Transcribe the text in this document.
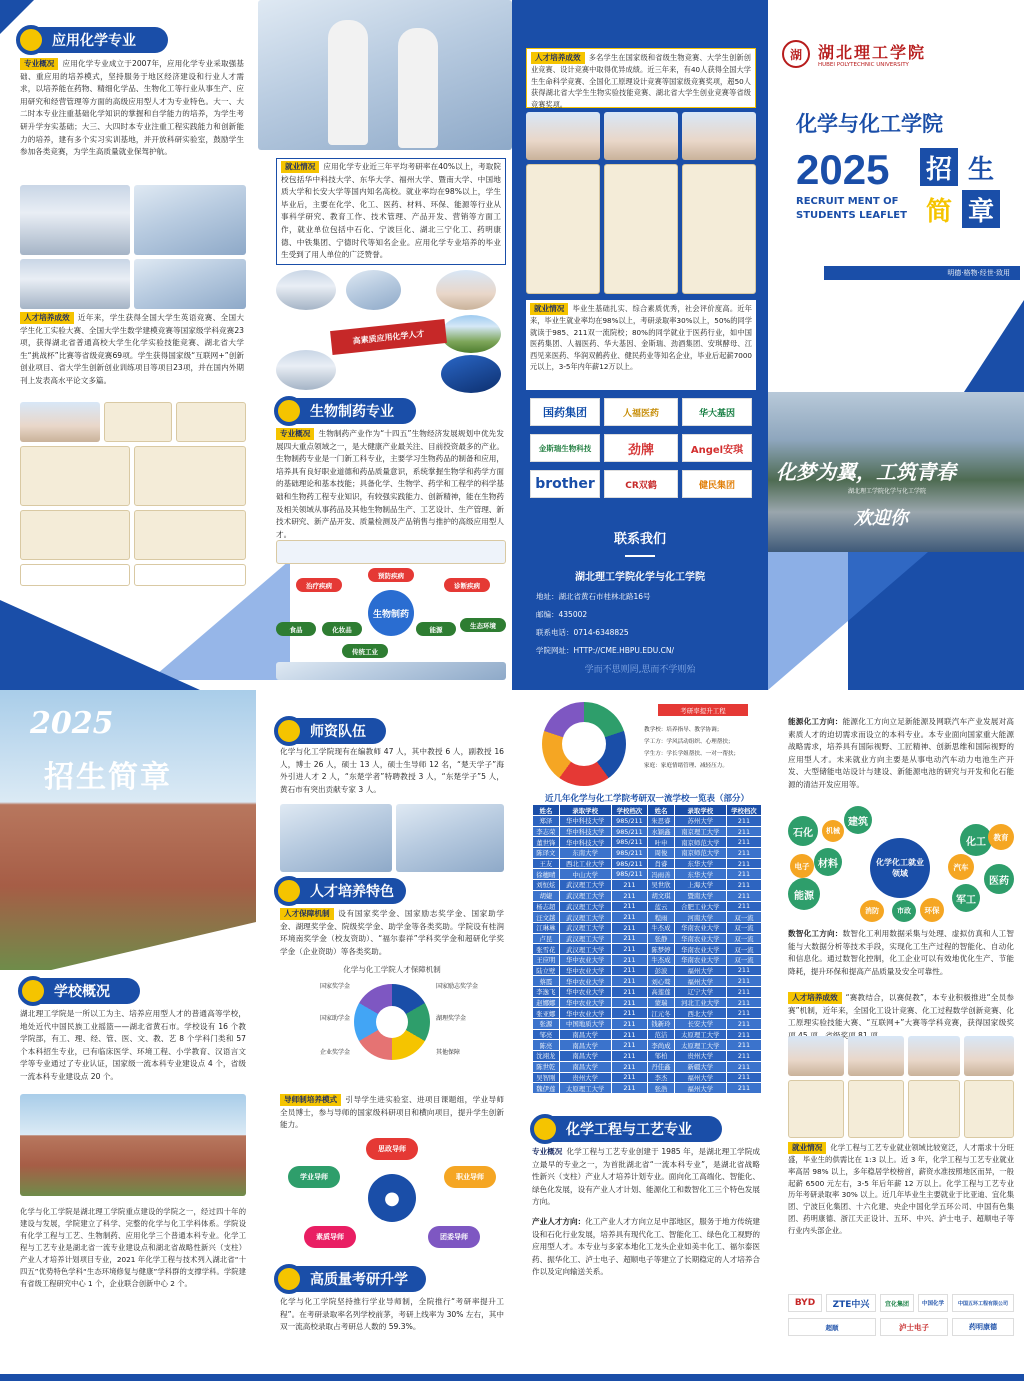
应用化学专业

专业概况 应用化学专业成立于2007年，应用化学专业采取强基础、重应用的培养模式，坚持服务于地区经济建设和行业人才需求，以培养能在药物、精细化学品、生物化工等行业从事生产、应用研究和经营管理等方面的高级应用型人才为专业特色。大一、大二时本专业注重基础化学知识的掌握和自学能力的培养，为学生考研升学夯实基础；大三、大四时本专业注重工程实践能力和创新能力的培养，建有多个实习实训基地，并开放科研实验室，鼓励学生参加各类竞赛，为学生高质量就业保驾护航。

人才培养成效 近年来，学生获得全国大学生英语竞赛、全国大学生化工实验大赛、全国大学生数学建模竞赛等国家级学科竞赛23项，获得湖北省普通高校大学生化学实验技能竞赛、湖北省大学生“挑战杯”比赛等省级竞赛69项。学生获得国家级“互联网+”创新创业项目、省大学生创新创业训练项目等项目23项，并在国内外期刊上发表高水平论文多篇。

就业情况 应用化学专业近三年平均考研率在40%以上，考取院校包括华中科技大学、东华大学、福州大学、暨南大学、中国地质大学和长安大学等国内知名高校。就业率均在98%以上，学生毕业后，主要在化学、化工、医药、材料、环保、能源等行业从事科学研究、教育工作、技术管理、产品开发、营销等方面工作，就业单位包括中石化、宁波巨化、湖北三宁化工、药明康德、中铁集团、宁德时代等知名企业。应用化学专业培养的毕业生受到了用人单位的广泛赞誉。

高素质应用化学人才
生物制药专业

专业概况 生物制药产业作为“十四五”生物经济发展规划中优先发展四大重点领域之一，是大健康产业最关注、目前投资最多的产业。生物制药专业是一门新工科专业，主要学习生物药品的制备和应用，培养具有良好职业道德和药品质量意识，系统掌握生物学和药学方面的基础理论和基本技能；具备化学、生物学、药学和工程学的科学基础和生物药工程专业知识，有较强实践能力、创新精神，能在生物药及相关领域从事药品及其他生物制品生产、工艺设计、生产管理、新技术研究、新产品开发、质量检测及产品销售与推护的高级应用型人才。

生物制药
预防疾病
治疗疾病	诊断疾病
食品	化妆品
传统工业
能源	生态环境

人才培养成效 多名学生在国家级和省级生物竞赛、大学生创新创业竞赛、设计竞赛中取得优异成绩。近三年来，有40人获得全国大学生生命科学竞赛、全国化工原理设计竞赛等国家级竞赛奖项，超50人获得湖北省大学生生物实验技能竞赛、湖北省大学生创业竞赛等省级竞赛奖项。

就业情况 毕业生基础扎实、综合素质优秀，社会评价度高。近年来，毕业生就业率均在98%以上，考研录取率30%以上，50%的同学就读于985、211双一流院校；80%的同学就业于医药行业，如中国医药集团、人福医药、华大基因、金斯瑞、劲酒集团、安琪酵母、江西见来医药、华润双鹤药业、健民药业等知名企业，毕业后起薪7000元以上，3-5年内年薪12万以上。

国药集团	人福医药	华大基因
金斯瑞生物科技	劲牌	Angel安琪
brother	CR双鹤	健民集团
联系我们
湖北理工学院化学与化工学院
地址：湖北省黄石市桂林北路16号
邮编：435002
联系电话：0714-6348825
学院网址：HTTP://CME.HBPU.EDU.CN/
学而不思则罔,思而不学则殆
湖	湖北理工学院
HUBEI POLYTECHNIC UNIVERSITY
化学与化工学院
2025 招 生
简 章
RECRUIT MENT OF
STUDENTS LEAFLET
明德·格物·经世·致用
化梦为翼，工筑青春
湖北理工学院化学与化工学院
欢迎你
2025
招生简章
学校概况

湖北理工学院是一所以工为主、培养应用型人才的普通高等学校，地处近代中国民族工业摇篮——湖北省黄石市。学校设有 16 个教学院部，有工、理、经、管、医、文、教、艺 8 个学科门类和 57 个本科招生专业，已有临床医学、环境工程、小学教育、汉语言文学等专业通过了专业认证，国家级一流本科专业建设点 4 个，省级一流本科专业建设点 20 个。

化学与化工学院是湖北理工学院重点建设的学院之一，经过四十年的建设与发展，学院建立了科学、完整的化学与化工学科体系。学院设有化学工程与工艺、生物制药、应用化学三个普通本科专业。化学工程与工艺专业是湖北省一流专业建设点和湖北省战略性新兴（支柱）产业人才培养计划项目专业，2021 年化学工程与技术列入湖北省“十四五”优势特色学科“生态环境修复与健康”学科群的支撑学科。学院建有省级工程研究中心 1 个，企业联合创新中心 2 个。

师资队伍

化学与化工学院现有在编教师 47 人，其中教授 6 人，副教授 16 人，博士 26 人，硕士 13 人，硕士生导师 12 名，“楚天学子”海外引进人才 2 人，“东楚学者”特聘教授 3 人，“东楚学子”5 人，黄石市有突出贡献专家 3 人。

人才培养特色

人才保障机制 设有国家奖学金、国家励志奖学金、国家助学金、湖理奖学金、院级奖学金、助学金等各类奖助。学院设有桂润环境南奖学金（校友资助）、“福尔泰祥”学科奖学金和超研化学奖学金（企业资助）等各类奖助。

化学与化工学院人才保障机制
国家奖学金	国家励志奖学金
国家助学金	湖理奖学金
企业奖学金	其他保障

导师制培养模式 引导学生进实验室、进项目课题组，学业导师全员博士，参与导师的国家级科研项目和横向项目，提升学生创新能力。

●
思政导师
职业导师
团委导师
素质导师
学业导师
高质量考研升学

化学与化工学院坚持推行学业导师制，全院推行“考研率提升工程”。在考研录取率名列学校前茅，考研上线率为 30% 左右，其中双一流高校录取占考研总人数的 59.3%。

考研率提升工程
教学校：培养指导、教学协调；
学工方：学风活动组织、心理帮扶；
学生方：学长学姐帮扶、一对一帮扶；
家庭：家庭情绪管理、减轻压力。
近几年化学与化工学院考研双一流学校一览表（部分）
姓名	录取学校	学校档次	姓名	录取学校	学校档次
郑泽	华中科技大学	985/211	朱思睿	苏州大学	211
李志荣	华中科技大学	985/211	水颖鑫	南京理工大学	211
董世锋	华中科技大学	985/211	叶申	南京师范大学	211
陈译文	东南大学	985/211	周俊	南京师范大学	211
王友	西北工业大学	985/211	肖睿	东华大学	211
徐穗晴	中山大学	985/211	冯雨善	东华大学	211
刘恒炫	武汉理工大学	211	吴世欣	上海大学	211
胡婕	武汉理工大学	211	胡文琪	暨南大学	211
杨志超	武汉理工大学	211	蓝云	合肥工业大学	211
汪文越	武汉理工大学	211	程雨	河南大学	双一流
江琳琳	武汉理工大学	211	牛杰成	华南农业大学	双一流
卢昆	武汉理工大学	211	张静	华南农业大学	双一流
张雪花	武汉理工大学	211	陈梦婷	华南农业大学	双一流
王应明	华中农业大学	211	牛杰成	华南农业大学	双一流
陆立壁	华中农业大学	211	彭波	福州大学	211
蔡霞	华中农业大学	211	刘心骜	福州大学	211
李逸飞	华中农业大学	211	高莲莲	辽宁大学	211
赵娜娜	华中农业大学	211	蒙瑞	河北工业大学	211
张亚娜	华中农业大学	211	江元冬	西北大学	211
张源	中国地质大学	211	钱新玲	长安大学	211
邹亮	南昌大学	211	范洁	太原理工大学	211
陈亮	南昌大学	211	李尚成	太原理工大学	211
沈翊龙	南昌大学	211	邹柏	贵州大学	211
陈世乾	南昌大学	211	丹佳鑫	新疆大学	211
吴智刚	贵州大学	211	李杰	福州大学	211
魏伊莲	太原理工大学	211	张浩	福州大学	211
化学工程与工艺专业

专业概况 化学工程与工艺专业创建于 1985 年，是湖北理工学院成立最早的专业之一，为首批湖北省“一流本科专业”，是湖北省战略性新兴（支柱）产业人才培养计划专业。面向化工高端化、智能化、绿色化发展，设有产业人才计划、能源化工和数智化工三个特色发展方向。

产业人才方向：化工产业人才方向立足中部地区，服务于地方传统建设和石化行业发展，培养具有现代化工、智能化工、绿色化工视野的应用型人才。本专业与多家本地化工龙头企业如美丰化工、福尔泰医药、振华化工、泸士电子、超顺电子等建立了长期稳定的人才培养合作以及定向输送关系。

能源化工方向：能源化工方向立足新能源及网联汽车产业发展对高素质人才的迫切需求而设立的本科专业。本专业面向国家重大能源战略需求，培养具有国际视野、工匠精神、创新思维和国际视野的应用型人才。未来就业方向主要是从事电动汽车动力电池生产开发、大型储能电站设计与建设、新能源电池的研究与开发和化石能源的清洁开发应用等。

化学化工就业领域
建筑
材料
机械
石化
化工
医药
汽车
军工
能源
电子
环保
教育
市政
消防

数智化工方向：数智化工利用数据采集与处理、虚拟仿真和人工智能与大数据分析等技术手段，实现化工生产过程的智能化、自动化和信息化。通过数智化控制，化工企业可以有效地优化生产、节能降耗，提升环保和提高产品质量及安全可靠性。

人才培养成效 “赛教结合，以赛促教”，本专业积极推进“全员参赛”机制，近年来，全国化工设计竞赛、化工过程数学创新竞赛、化工原理实验技能大赛、“互联网+”大赛等学科竞赛，获得国家级奖

就业情况 化学工程与工艺专业就业领域比较宽泛，人才需求十分旺盛，毕业生的供需比在 1:3 以上。近 3 年，化学工程与工艺专业就业率高居 98% 以上，多年稳居学校榜首，薪资水准按照地区而异，一般起薪 6500 元左右，3-5 年后年薪 12 万以上。化学工程与工艺专业历年考研录取率 30% 以上。近几年毕业生主要就业于比亚迪、宜化集团、宁波巨化集团、十六化建、央企中国化学五环公司、中国有色集团、药明康德、浙江天正设计、五环、中兴、泸士电子、超顺电子等行业内头部企业。

BYD	ZTE中兴	宜化集团	中国化学	中国五环工程有限公司
超顺	泸士电子	药明康德
